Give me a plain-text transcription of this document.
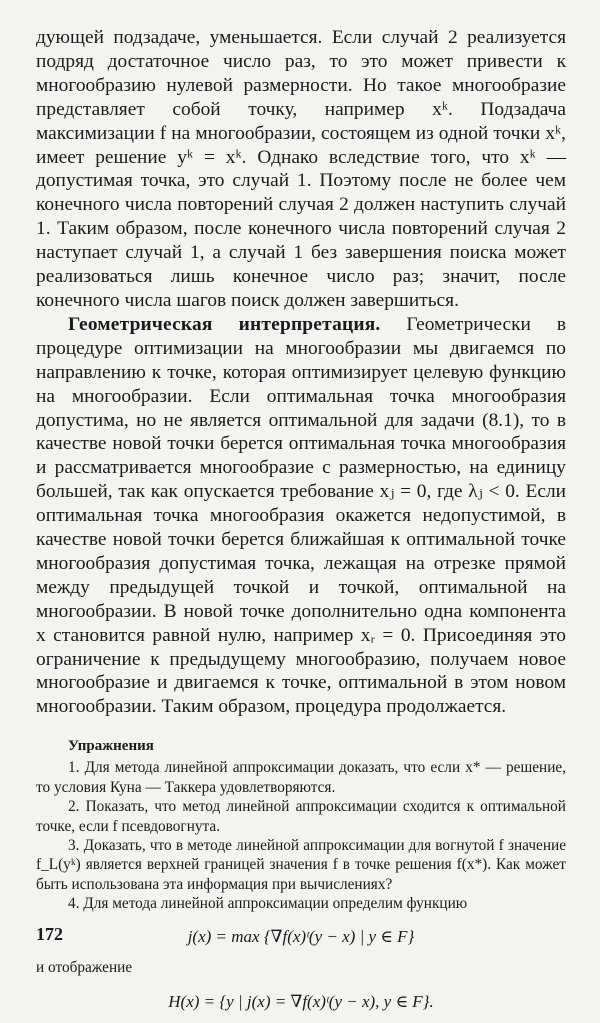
дующей подзадаче, уменьшается. Если случай 2 реализуется подряд достаточное число раз, то это может привести к многообразию нулевой размерности. Но такое многообразие представляет собой точку, например xᵏ. Подзадача максимизации f на многообразии, состоящем из одной точки xᵏ, имеет решение yᵏ = xᵏ. Однако вследствие того, что xᵏ — допустимая точка, это случай 1. Поэтому после не более чем конечного числа повторений случая 2 должен наступить случай 1. Таким образом, после конечного числа повторений случая 2 наступает случай 1, а случай 1 без завершения поиска может реализоваться лишь конечное число раз; значит, после конечного числа шагов поиск должен завершиться.

Геометрическая интерпретация. Геометрически в процедуре оптимизации на многообразии мы двигаемся по направлению к точке, которая оптимизирует целевую функцию на многообразии. Если оптимальная точка многообразия допустима, но не является оптимальной для задачи (8.1), то в качестве новой точки берется оптимальная точка многообразия и рассматривается многообразие с размерностью, на единицу большей, так как опускается требование xⱼ = 0, где λⱼ < 0. Если оптимальная точка многообразия окажется недопустимой, в качестве новой точки берется ближайшая к оптимальной точке многообразия допустимая точка, лежащая на отрезке прямой между предыдущей точкой и точкой, оптимальной на многообразии. В новой точке дополнительно одна компонента x становится равной нулю, например xᵣ = 0. Присоединяя это ограничение к предыдущему многообразию, получаем новое многообразие и двигаемся к точке, оптимальной в этом новом многообразии. Таким образом, процедура продолжается.

Упражнения

1. Для метода линейной аппроксимации доказать, что если x* — решение, то условия Куна — Таккера удовлетворяются.

2. Показать, что метод линейной аппроксимации сходится к оптимальной точке, если f псевдовогнута.

3. Доказать, что в методе линейной аппроксимации для вогнутой f значение f_L(yᵏ) является верхней границей значения f в точке решения f(x*). Как может быть использована эта информация при вычислениях?

4. Для метода линейной аппроксимации определим функцию

j(x) = max {∇f(x)ᵗ(y − x) | y ∈ F}

и отображение

H(x) = {y | j(x) = ∇f(x)ᵗ(y − x), y ∈ F}.
172
